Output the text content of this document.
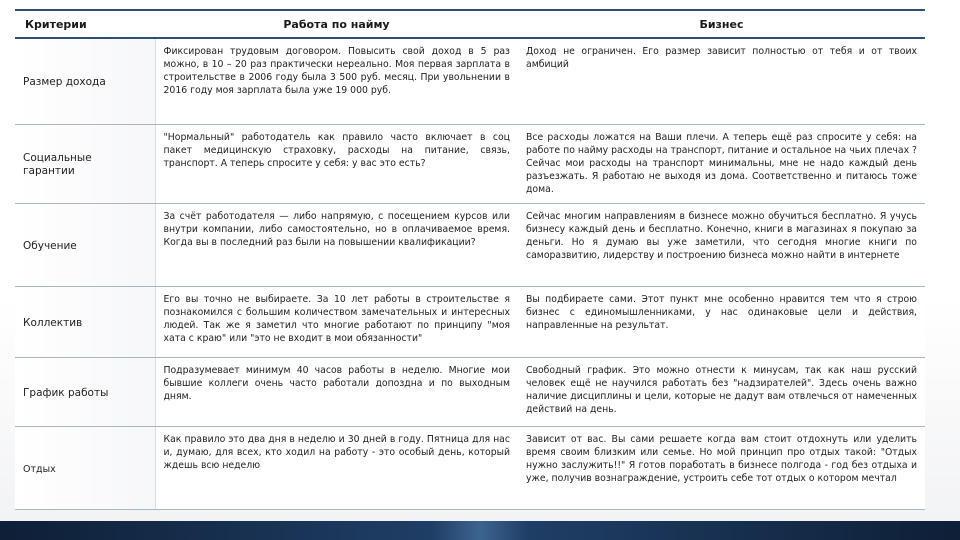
Критерии	Работа по найму	Бизнес
Размер дохода	Фиксирован трудовым договором. Повысить свой доход в 5 раз можно, в 10 – 20 раз практически нереально. Моя первая зарплата в строительстве в 2006 году была 3 500 руб. месяц. При увольнении в 2016 году моя зарплата была уже 19 000 руб.	Доход не ограничен. Его размер зависит полностью от тебя и от твоих амбиций
Социальные гарантии	"Нормальный" работодатель как правило часто включает в соц пакет медицинскую страховку, расходы на питание, связь, транспорт. А теперь спросите у себя: у вас это есть?	Все расходы ложатся на Ваши плечи. А теперь ещё раз спросите у себя: на работе по найму расходы на транспорт, питание и остальное на чьих плечах ? Сейчас мои расходы на транспорт минимальны, мне не надо каждый день разъезжать. Я работаю не выходя из дома. Соответственно и питаюсь тоже дома.
Обучение	За счёт работодателя — либо напрямую, с посещением курсов или внутри компании, либо самостоятельно, но в оплачиваемое время. Когда вы в последний раз были на повышении квалификации?	Сейчас многим направлениям в бизнесе можно обучиться бесплатно. Я учусь бизнесу каждый день и бесплатно. Конечно, книги в магазинах я покупаю за деньги. Но я думаю вы уже заметили, что сегодня многие книги по саморазвитию, лидерству и построению бизнеса можно найти в интернете
Коллектив	Его вы точно не выбираете. За 10 лет работы в строительстве я познакомился с большим количеством замечательных и интересных людей. Так же я заметил что многие работают по принципу "моя хата с краю" или "это не входит в мои обязанности"	Вы подбираете сами. Этот пункт мне особенно нравится тем что я строю бизнес с единомышленниками, у нас одинаковые цели и действия, направленные на результат.
График работы	Подразумевает минимум 40 часов работы в неделю. Многие мои бывшие коллеги очень часто работали допоздна и по выходным дням.	Свободный график. Это можно отнести к минусам, так как наш русский человек ещё не научился работать без "надзирателей". Здесь очень важно наличие дисциплины и цели, которые не дадут вам отвлечься от намеченных действий на день.
Отдых	Как правило это два дня в неделю и 30 дней в году. Пятница для нас и, думаю, для всех, кто ходил на работу - это особый день, который ждешь всю неделю	Зависит от вас. Вы сами решаете когда вам стоит отдохнуть или уделить время своим близким или семье. Но мой принцип про отдых такой: "Отдых нужно заслужить!!" Я готов поработать в бизнесе полгода - год без отдыха и уже, получив вознаграждение, устроить себе тот отдых о котором мечтал
